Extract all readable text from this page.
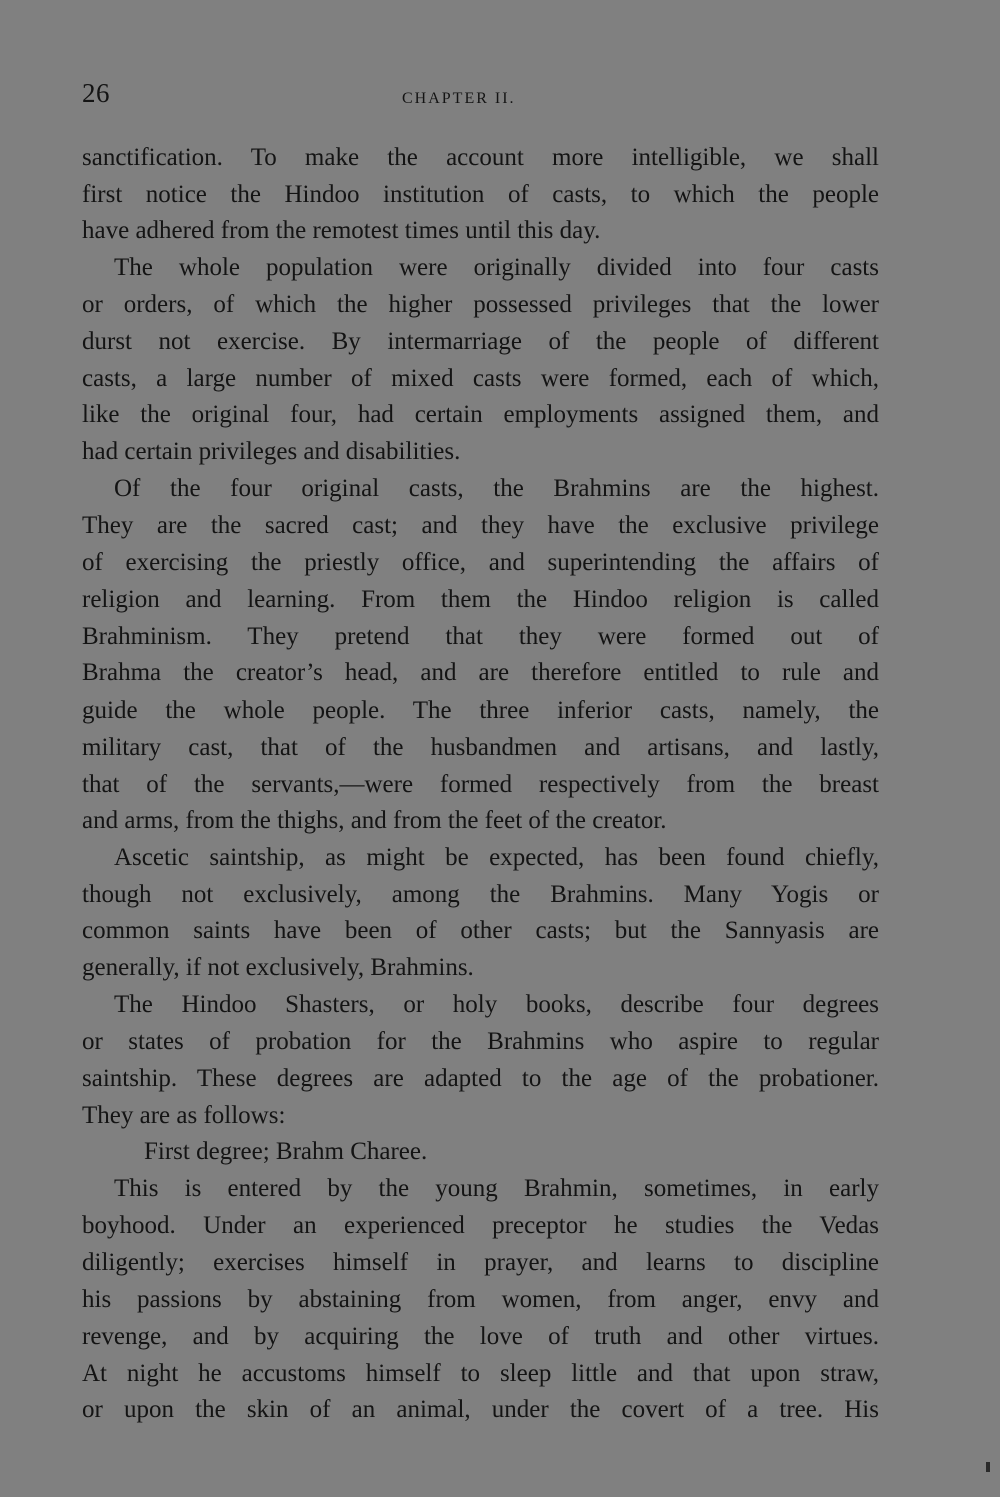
26	CHAPTER II.
sanctification. To make the account more intelligible, we shall
first notice the Hindoo institution of casts, to which the people
have adhered from the remotest times until this day.
The whole population were originally divided into four casts
or orders, of which the higher possessed privileges that the lower
durst not exercise. By intermarriage of the people of different
casts, a large number of mixed casts were formed, each of which,
like the original four, had certain employments assigned them, and
had certain privileges and disabilities.
Of the four original casts, the Brahmins are the highest.
They are the sacred cast; and they have the exclusive privilege
of exercising the priestly office, and superintending the affairs of
religion and learning. From them the Hindoo religion is called
Brahminism. They pretend that they were formed out of
Brahma the creator’s head, and are therefore entitled to rule and
guide the whole people. The three inferior casts, namely, the
military cast, that of the husbandmen and artisans, and lastly,
that of the servants,—were formed respectively from the breast
and arms, from the thighs, and from the feet of the creator.
Ascetic saintship, as might be expected, has been found chiefly,
though not exclusively, among the Brahmins. Many Yogis or
common saints have been of other casts; but the Sannyasis are
generally, if not exclusively, Brahmins.
The Hindoo Shasters, or holy books, describe four degrees
or states of probation for the Brahmins who aspire to regular
saintship. These degrees are adapted to the age of the probationer.
They are as follows:
First degree; Brahm Charee.
This is entered by the young Brahmin, sometimes, in early
boyhood. Under an experienced preceptor he studies the Vedas
diligently; exercises himself in prayer, and learns to discipline
his passions by abstaining from women, from anger, envy and
revenge, and by acquiring the love of truth and other virtues.
At night he accustoms himself to sleep little and that upon straw,
or upon the skin of an animal, under the covert of a tree. His
